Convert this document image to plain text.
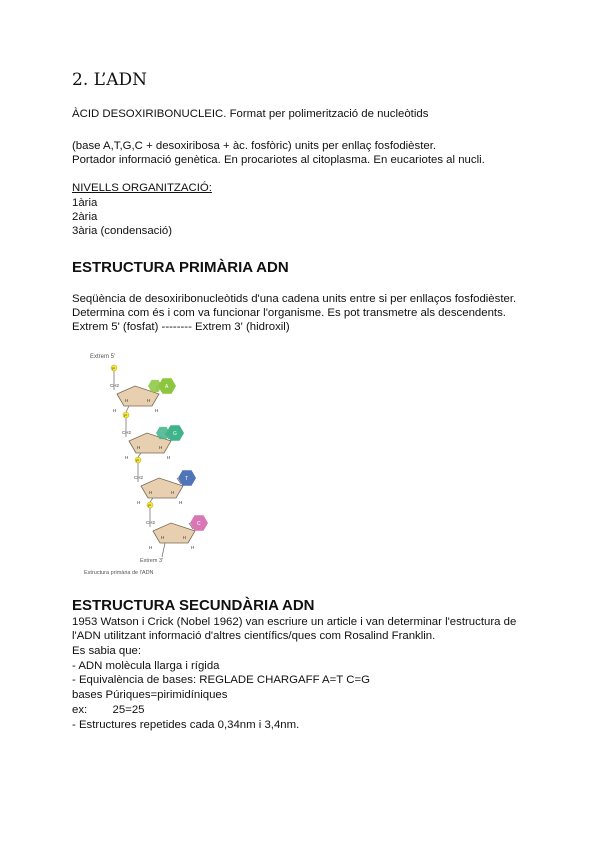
2. L’ADN

ÀCID DESOXIRIBONUCLEIC. Format per polimerització de nucleòtids

(base A,T,G,C + desoxiribosa + àc. fosfòric) units per enllaç fosfodièster.

Portador informació genètica. En procariotes al citoplasma. En eucariotes al nucli.

NIVELLS ORGANITZACIÓ:

1ària

2ària

3ària (condensació)

ESTRUCTURA PRIMÀRIA ADN

Seqüència de desoxiribonucleòtids d'una cadena units entre si per enllaços fosfodièster.

Determina com és i com va funcionar l'organisme. Es pot transmetre als descendents.

Extrem 5' (fosfat) -------- Extrem 3' (hidroxil)

Extrem 5'
P
CH2
H	H
H	H
A
P
CH2
H	H
H	H
G
P
CH2
H	H
H	H
T
P
CH2
H	H
H	H
C
Extrem 3'
Estructura primària de l'ADN
ESTRUCTURA SECUNDÀRIA ADN

1953 Watson i Crick (Nobel 1962) van escriure un article i van determinar l'estructura de

l'ADN utilitzant informació d'altres científics/ques com Rosalind Franklin.

Es sabia que:

- ADN molècula llarga i rígida

- Equivalència de bases: REGLADE CHARGAFF A=T C=G

bases Púriques=pirimidíniques

ex:        25=25

- Estructures repetides cada 0,34nm i 3,4nm.
